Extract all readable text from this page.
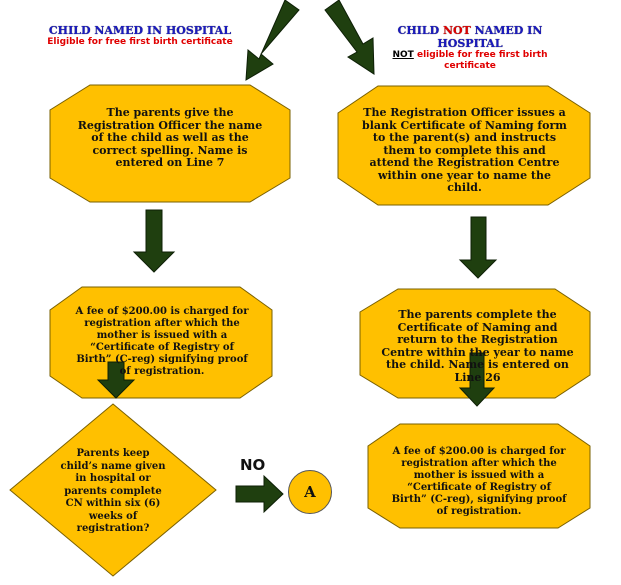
CHILD NAMED IN HOSPITAL
Eligible for free first birth certificate
CHILD NOT NAMED IN HOSPITAL
NOT eligible for free first birth
certificate
The parents give the Registration Officer the name of the child as well as the correct spelling. Name is entered on Line 7
The Registration Officer issues a blank Certificate of Naming form to the parent(s) and instructs them to complete this and attend the Registration Centre within one year to name the child.
A fee of $200.00 is charged for registration after which the mother is issued with a “Certificate of Registry of Birth” (C-reg) signifying proof of registration.
The parents complete the Certificate of Naming and return to the Registration Centre within the year to name the child. Name is entered on Line 26
A fee of $200.00 is charged for registration after which the mother is issued with a “Certificate of Registry of Birth” (C-reg), signifying proof of registration.
Parents keep child’s name given in hospital or parents complete CN within six (6) weeks of registration?
NO
A
